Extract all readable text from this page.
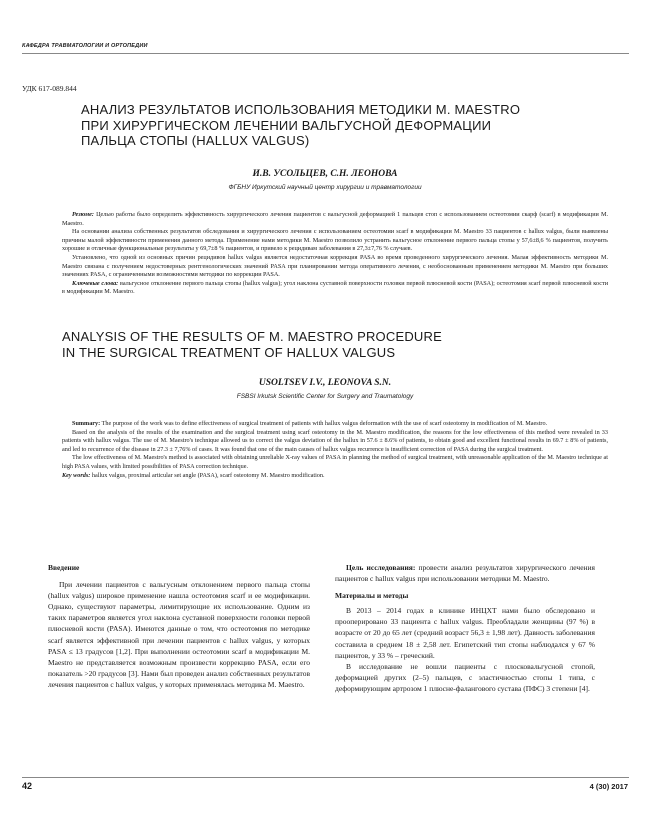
КАФЕДРА ТРАВМАТОЛОГИИ И ОРТОПЕДИИ
УДК 617-089.844
АНАЛИЗ РЕЗУЛЬТАТОВ ИСПОЛЬЗОВАНИЯ МЕТОДИКИ M. MAESTRO
ПРИ ХИРУРГИЧЕСКОМ ЛЕЧЕНИИ ВАЛЬГУСНОЙ ДЕФОРМАЦИИ
ПАЛЬЦА СТОПЫ (HALLUX VALGUS)
И.В. УСОЛЬЦЕВ, С.Н. ЛЕОНОВА
ФГБНУ Иркутский научный центр хирургии и травматологии

Резюме: Целью работы было определить эффективность хирургического лечения пациентов с вальгусной деформацией 1 пальцев стоп с использованием остеотомии скарф (scarf) в модификации M. Maestro.

На основании анализа собственных результатов обследования и хирургического лечения с использованием остеотомии scarf в модификации M. Maestro 33 пациентов с hallux valgus, были выявлены причины малой эффективности применения данного метода. Применение нами методики M. Maestro позволило устранить вальгусное отклонение первого пальца стопы у 57,6±8,6 % пациентов, получить хорошие и отличные функциональные результаты у 69,7±8 % пациентов, и привело к рецидивам заболевания в 27,3±7,76 % случаев.

Установлено, что одной из основных причин рецидивов hallux valgus является недостаточная коррекция PASA во время проведенного хирургического лечения. Малая эффективность методики M. Maestro связана с получением недостоверных рентгенологических значений PASA при планировании метода оперативного лечения, с необоснованным применением методики M. Maestro при больших значениях PASA, с ограниченными возможностями методики по коррекции PASA.

Ключевые слова: вальгусное отклонение первого пальца стопы (hallux valgus); угол наклона суставной поверхности головки первой плюсневой кости (PASA); остеотомия scarf первой плюсневой кости в модификации M. Maestro.

ANALYSIS OF THE RESULTS OF M. MAESTRO PROCEDURE
IN THE SURGICAL TREATMENT OF HALLUX VALGUS
USOLTSEV I.V., LEONOVA S.N.
FSBSI Irkutsk Scientific Center for Surgery and Traumatology

Summary: The purpose of the work was to define effectiveness of surgical treatment of patients with hallux valgus deformation with the use of scarf osteotomy in modification of M. Maestro.

Based on the analysis of the results of the examination and the surgical treatment using scarf osteotomy in the M. Maestro modification, the reasons for the low effectiveness of this method were revealed in 33 patients with hallux valgus. The use of M. Maestro's technique allowed us to correct the valgus deviation of the hallux in 57.6 ± 8.6% of patients, to obtain good and excellent functional results in 69.7 ± 8% of patients, and led to recurrence of the disease in 27.3 ± 7,76% of cases. It was found that one of the main causes of hallux valgus recurrence is insufficient correction of PASA during the surgical treatment.

The low effectiveness of M. Maestro's method is associated with obtaining unreliable X-ray values of PASA in planning the method of surgical treatment, with unreasonable application of the M. Maestro technique at high PASA values, with limited possibilities of PASA correction technique.

Key words: hallux valgus, proximal articular set angle (PASA), scarf osteotomy M. Maestro modification.

Введение

При лечении пациентов с вальгусным отклонением первого пальца стопы (hallux valgus) широкое применение нашла остеотомия scarf и ее модификации. Однако, существуют параметры, лимитирующие их использование. Одним из таких параметров является угол наклона суставной поверхности головки первой плюсневой кости (PASA). Имеются данные о том, что остеотомия по методике scarf является эффективной при лечении пациентов с hallux valgus, у которых PASA ≤ 13 градусов [1,2]. При выполнении остеотомии scarf в модификации M. Maestro не представляется возможным произвести коррекцию PASA, если его показатель >20 градусов [3]. Нами был проведен анализ собственных результатов лечения пациентов с hallux valgus, у которых применялась методика M. Maestro.

Цель исследования: провести анализ результатов хирургического лечения пациентов с hallux valgus при использовании методики M. Maestro.

Материалы и методы

В 2013 – 2014 годах в клинике ИНЦХТ нами было обследовано и прооперировано 33 пациента с hallux valgus. Преобладали женщины (97 %) в возрасте от 20 до 65 лет (средний возраст 56,3 ± 1,98 лет). Давность заболевания составила в среднем 18 ± 2,58 лет. Египетский тип стопы наблюдался у 67 % пациентов, у 33 % – греческий.

В исследование не вошли пациенты с плосковальгусной стопой, деформацией других (2–5) пальцев, с эластичностью стопы 1 типа, с деформирующим артрозом 1 плюсне-фалангового сустава (ПФС) 3 степени [4].

42	4 (30) 2017
